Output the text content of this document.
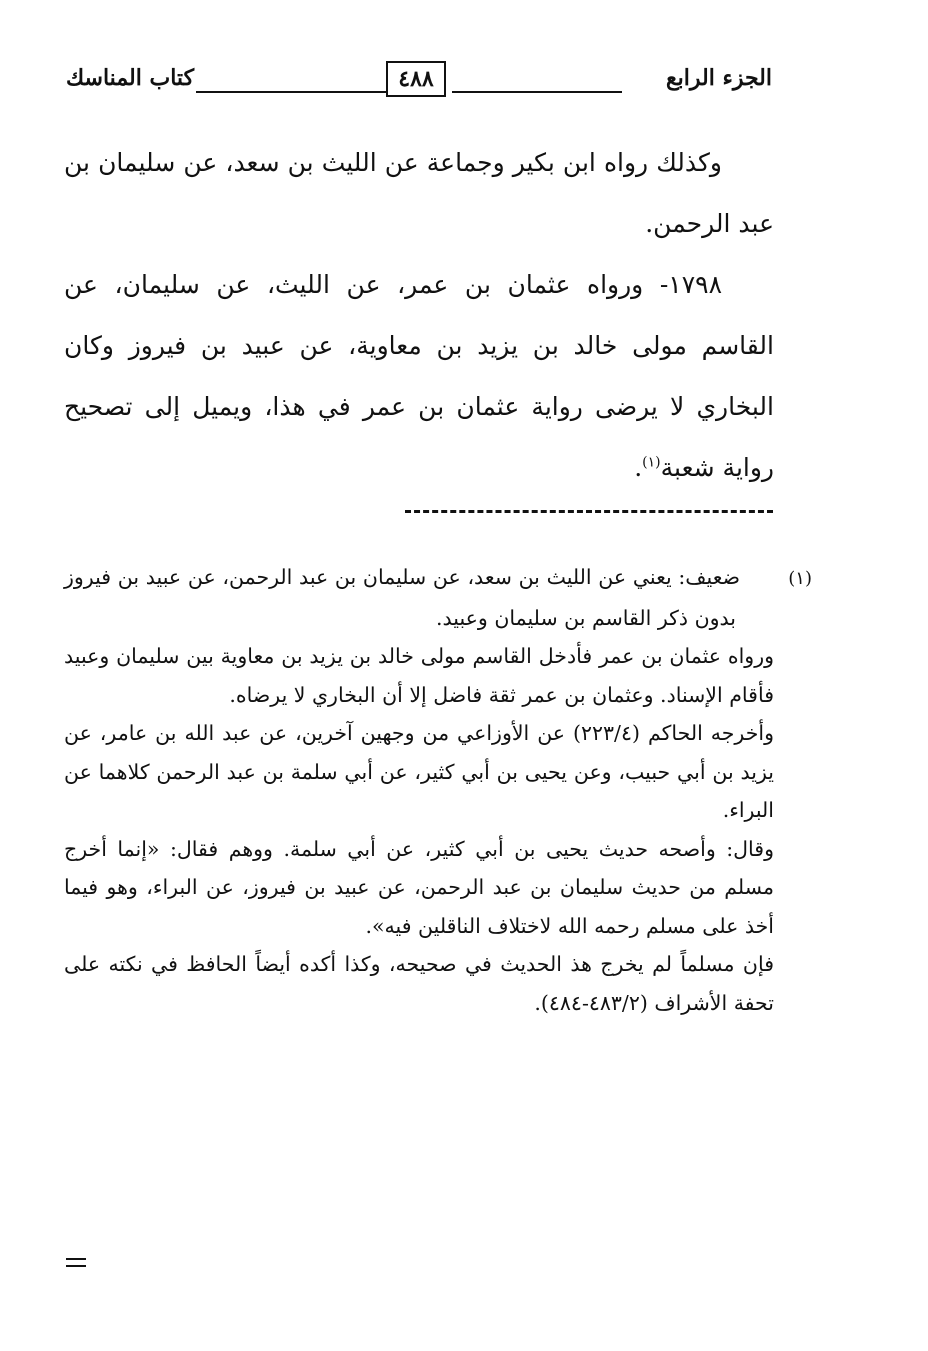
الجزء الرابع
٤٨٨
كتاب المناسك

وكذلك رواه ابن بكير وجماعة عن الليث بن سعد، عن سليمان بن عبد الرحمن.

١٧٩٨- ورواه عثمان بن عمر، عن الليث، عن سليمان، عن القاسم مولى خالد بن يزيد بن معاوية، عن عبيد بن فيروز وكان البخاري لا يرضى رواية عثمان بن عمر في هذا، ويميل إلى تصحيح رواية شعبة$^{(١)}$.

(١)ضعيف: يعني عن الليث بن سعد، عن سليمان بن عبد الرحمن، عن عبيد بن فيروز بدون ذكر القاسم بن سليمان وعبيد.

ورواه عثمان بن عمر فأدخل القاسم مولى خالد بن يزيد بن معاوية بين سليمان وعبيد فأقام الإسناد. وعثمان بن عمر ثقة فاضل إلا أن البخاري لا يرضاه.

وأخرجه الحاكم (٢٢٣/٤) عن الأوزاعي من وجهين آخرين، عن عبد الله بن عامر، عن يزيد بن أبي حبيب، وعن يحيى بن أبي كثير، عن أبي سلمة بن عبد الرحمن كلاهما عن البراء.

وقال: وأصحه حديث يحيى بن أبي كثير، عن أبي سلمة. ووهم فقال: «إنما أخرج مسلم من حديث سليمان بن عبد الرحمن، عن عبيد بن فيروز، عن البراء، وهو فيما أخذ على مسلم رحمه الله لاختلاف الناقلين فيه».

فإن مسلماً لم يخرج هذ الحديث في صحيحه، وكذا أكده أيضاً الحافظ في نكته على تحفة الأشراف (٤٨٣/٢-٤٨٤).
